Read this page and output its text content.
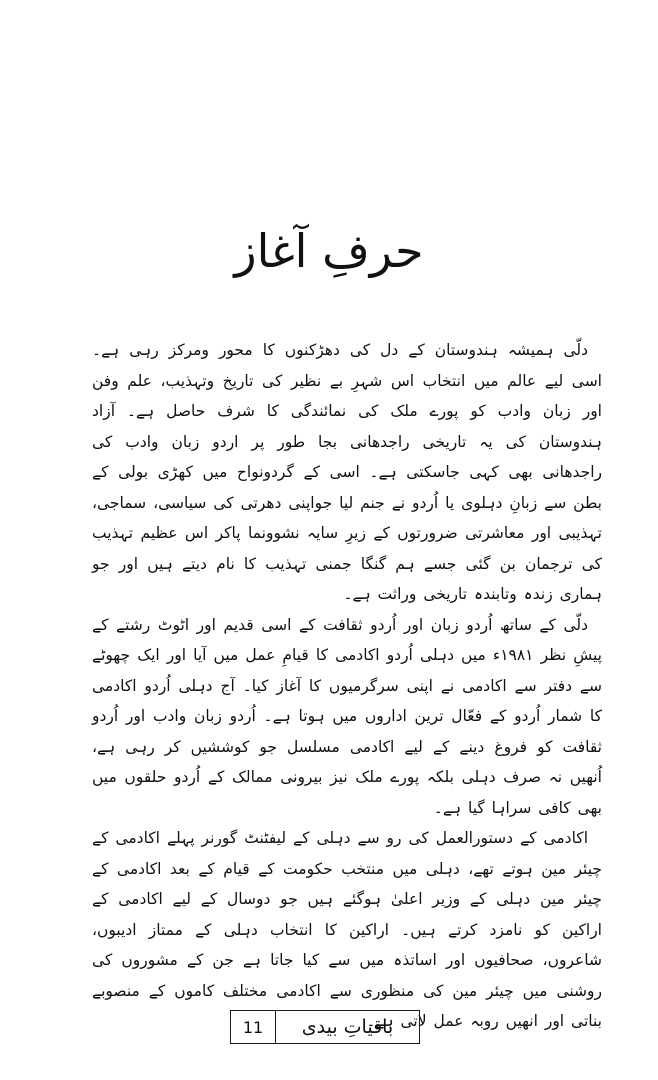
حرفِ آغاز

دلّی ہمیشہ ہندوستان کے دل کی دھڑکنوں کا محور ومرکز رہی ہے۔ اسی لیے عالم میں انتخاب اس شہرِ بے نظیر کی تاریخ وتہذیب، علم وفن اور زبان وادب کو پورے ملک کی نمائندگی کا شرف حاصل ہے۔ آزاد ہندوستان کی یہ تاریخی راجدھانی بجا طور پر اردو زبان وادب کی راجدھانی بھی کہی جاسکتی ہے۔ اسی کے گردونواح میں کھڑی بولی کے بطن سے زبانِ دہلوی یا اُردو نے جنم لیا جواپنی دھرتی کی سیاسی، سماجی، تہذیبی اور معاشرتی ضرورتوں کے زیرِ سایہ نشوونما پاکر اس عظیم تہذیب کی ترجمان بن گئی جسے ہم گنگا جمنی تہذیب کا نام دیتے ہیں اور جو ہماری زندہ وتابندہ تاریخی وراثت ہے۔

دلّی کے ساتھ اُردو زبان اور اُردو ثقافت کے اسی قدیم اور اٹوٹ رشتے کے پیشِ نظر ۱۹۸۱ء میں دہلی اُردو اکادمی کا قیامِ عمل میں آیا اور ایک چھوٹے سے دفتر سے اکادمی نے اپنی سرگرمیوں کا آغاز کیا۔ آج دہلی اُردو اکادمی کا شمار اُردو کے فعّال ترین اداروں میں ہوتا ہے۔ اُردو زبان وادب اور اُردو ثقافت کو فروغ دینے کے لیے اکادمی مسلسل جو کوششیں کر رہی ہے، اُنھیں نہ صرف دہلی بلکہ پورے ملک نیز بیرونی ممالک کے اُردو حلقوں میں بھی کافی سراہا گیا ہے۔

اکادمی کے دستورالعمل کی رو سے دہلی کے لیفٹنٹ گورنر پہلے اکادمی کے چیئر مین ہوتے تھے، دہلی میں منتخب حکومت کے قیام کے بعد اکادمی کے چیئر مین دہلی کے وزیر اعلیٰ ہوگئے ہیں جو دوسال کے لیے اکادمی کے اراکین کو نامزد کرتے ہیں۔ اراکین کا انتخاب دہلی کے ممتاز ادیبوں، شاعروں، صحافیوں اور اساتذہ میں سے کیا جاتا ہے جن کے مشوروں کی روشنی میں چیئر مین کی منظوری سے اکادمی مختلف کاموں کے منصوبے بناتی اور انھیں روبہ عمل لاتی ہے۔

11	باقیاتِ بیدی
